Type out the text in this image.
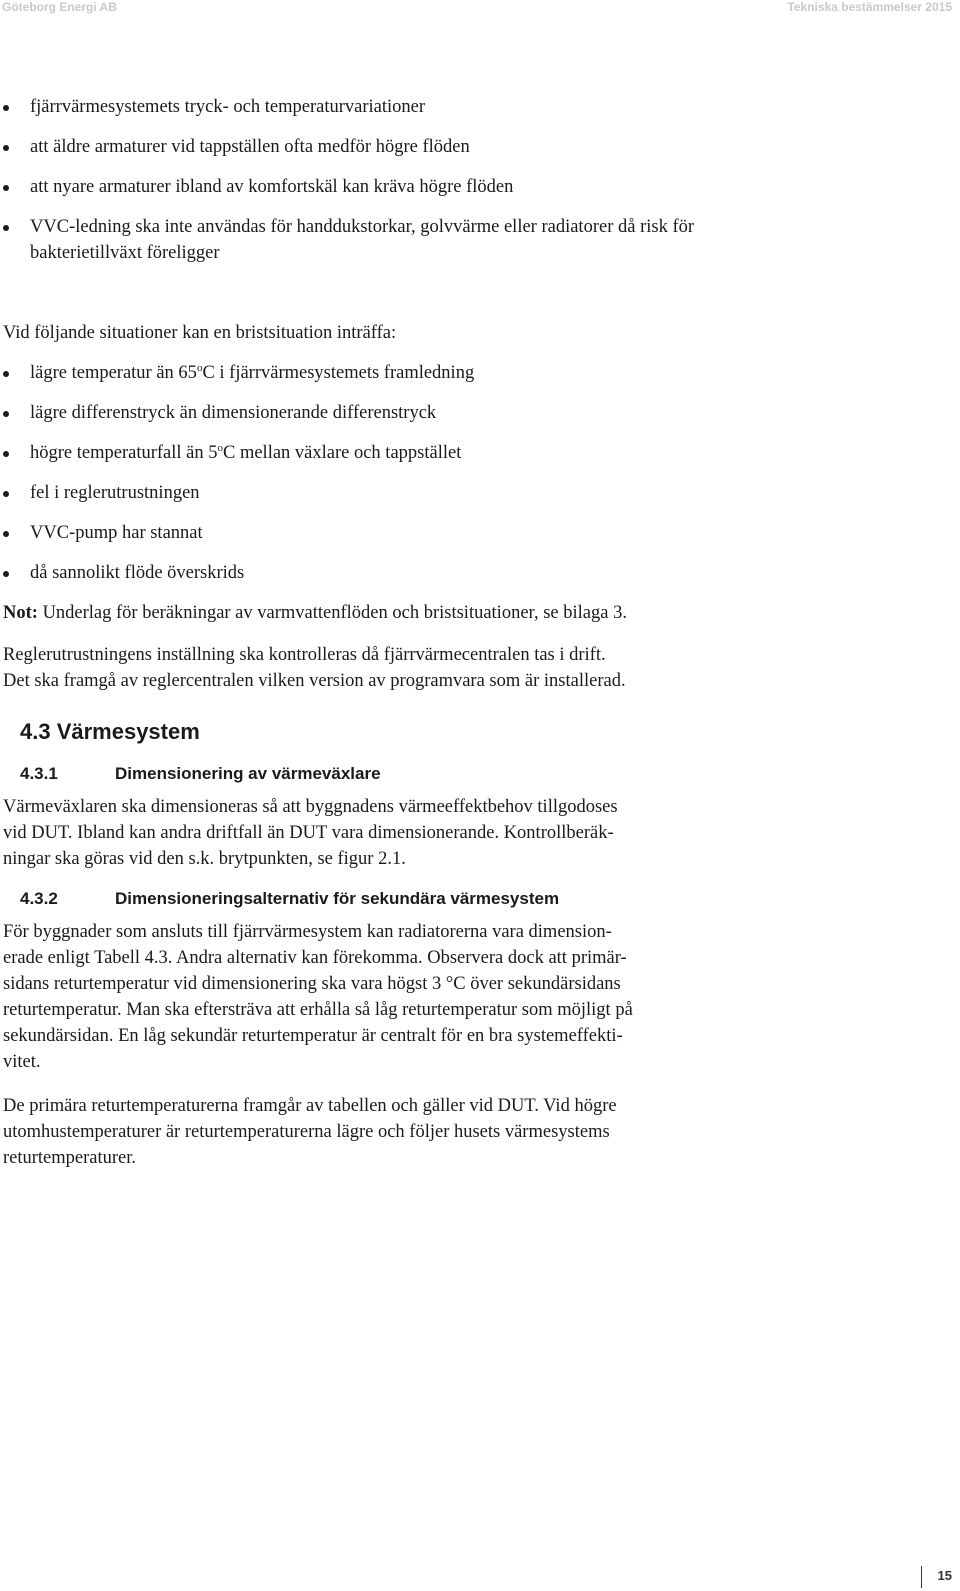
Göteborg Energi AB	Tekniska bestämmelser 2015
fjärrvärmesystemets tryck- och temperaturvariationer
att äldre armaturer vid tappställen ofta medför högre flöden
att nyare armaturer ibland av komfortskäl kan kräva högre flöden
VVC-ledning ska inte användas för handdukstorkar, golvvärme eller radiatorer då risk för bakterietillväxt föreligger

Vid följande situationer kan en bristsituation inträffa:

lägre temperatur än 65$^o$C i fjärrvärmesystemets framledning
lägre differenstryck än dimensionerande differenstryck
högre temperaturfall än 5$^o$C mellan växlare och tappstället
fel i reglerutrustningen
VVC-pump har stannat
då sannolikt flöde överskrids

Not: Underlag för beräkningar av varmvattenflöden och bristsituationer, se bilaga 3.

Reglerutrustningens inställning ska kontrolleras då fjärrvärmecentralen tas i drift.

Det ska framgå av reglercentralen vilken version av programvara som är installerad.

4.3 Värmesystem
4.3.1	Dimensionering av värmeväxlare

Värmeväxlaren ska dimensioneras så att byggnadens värmeeffektbehov tillgodoses

vid DUT. Ibland kan andra driftfall än DUT vara dimensionerande. Kontrollberäk-

ningar ska göras vid den s.k. brytpunkten, se figur 2.1.

4.3.2	Dimensioneringsalternativ för sekundära värmesystem

För byggnader som ansluts till fjärrvärmesystem kan radiatorerna vara dimension-

erade enligt Tabell 4.3. Andra alternativ kan förekomma. Observera dock att primär-

sidans returtemperatur vid dimensionering ska vara högst 3 °C över sekundärsidans

returtemperatur. Man ska eftersträva att erhålla så låg returtemperatur som möjligt på

sekundärsidan. En låg sekundär returtemperatur är centralt för en bra systemeffekti-

vitet.

De primära returtemperaturerna framgår av tabellen och gäller vid DUT. Vid högre

utomhustemperaturer är returtemperaturerna lägre och följer husets värmesystems

returtemperaturer.

15
